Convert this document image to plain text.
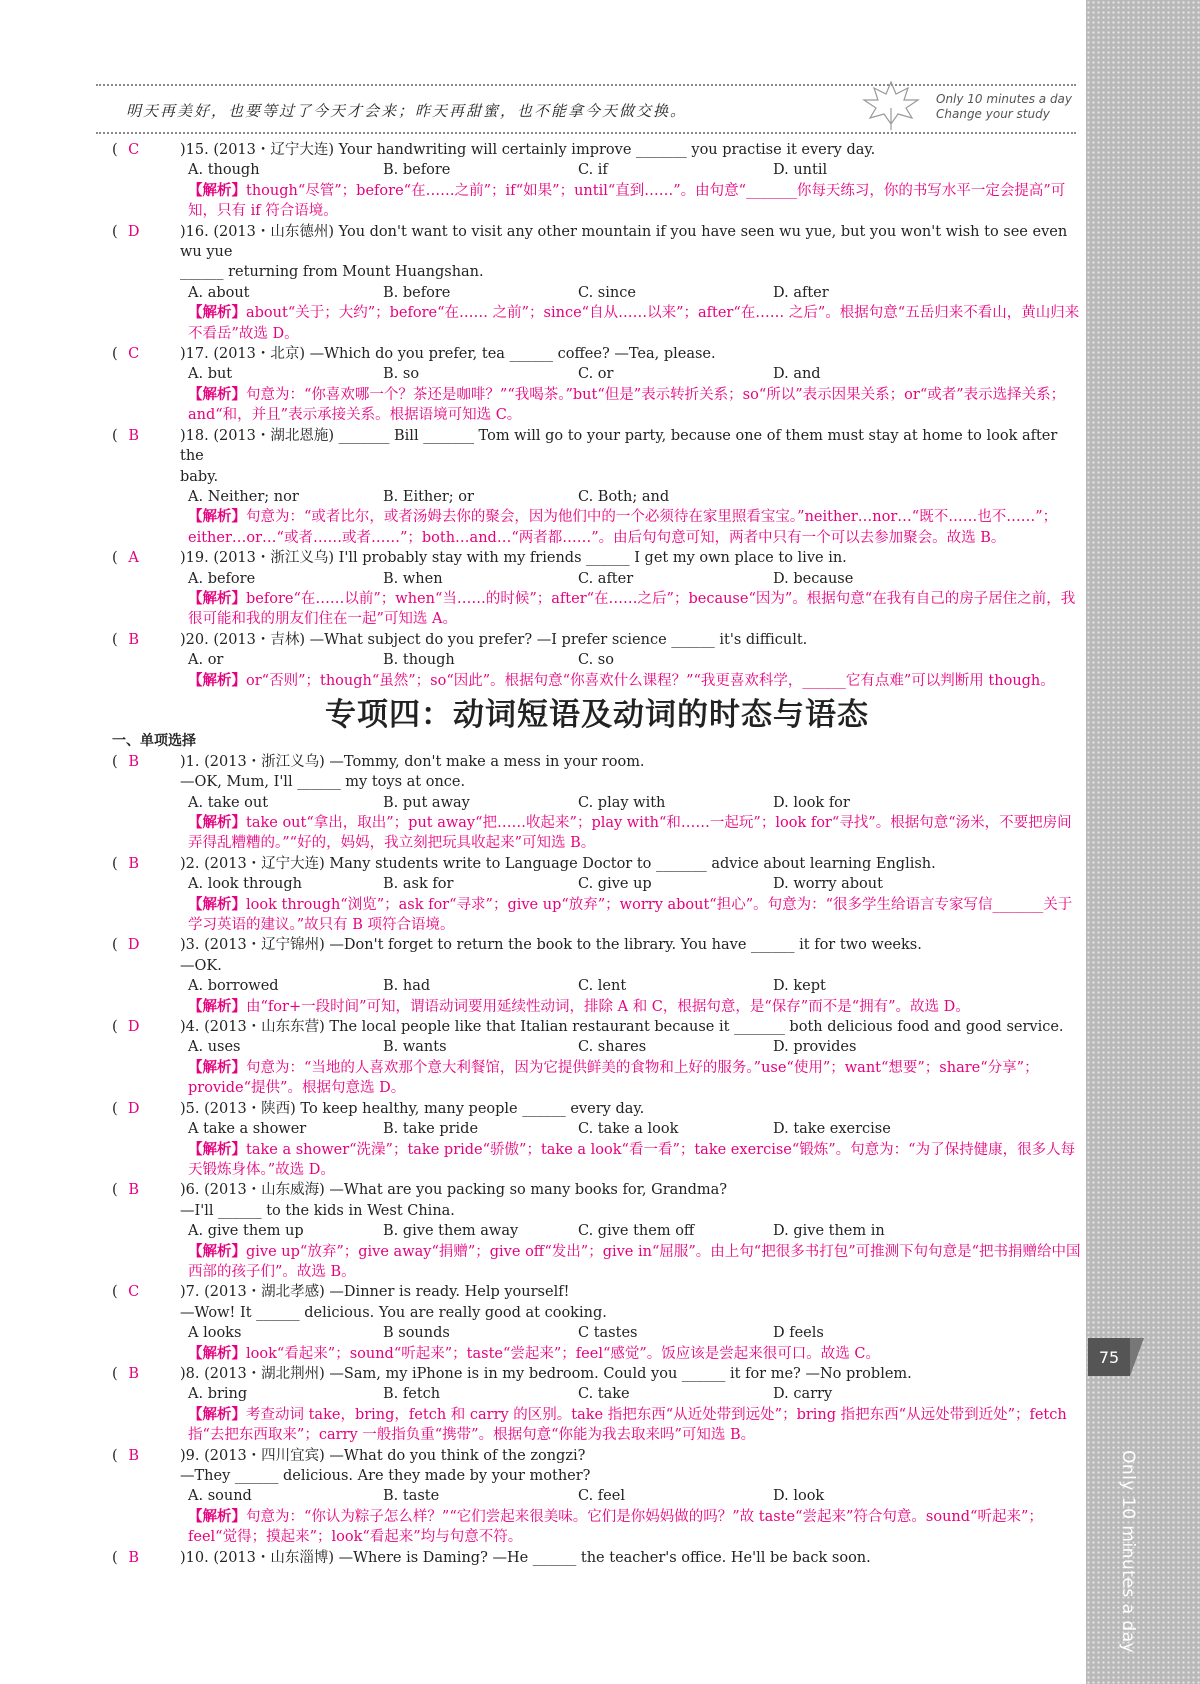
Only 10 minutes a day
75
明天再美好，也要等过了今天才会来；昨天再甜蜜，也不能拿今天做交换。
Only 10 minutes a day
Change your study
( C	)15. (2013・辽宁大连) Your handwriting will certainly improve _______ you practise it every day.
A. though	B. before	C. if	D. until
【解析】though“尽管”；before“在……之前”；if“如果”；until“直到……”。由句意“_______你每天练习，你的书写水平一定会提高”可知，只有 if 符合语境。
( D	)16. (2013・山东德州) You don't want to visit any other mountain if you have seen wu yue, but you won't wish to see even wu yue
______ returning from Mount Huangshan.
A. about	B. before	C. since	D. after
【解析】about“关于；大约”；before“在…… 之前”；since“自从……以来”；after“在…… 之后”。根据句意“五岳归来不看山，黄山归来不看岳”故选 D。
( C	)17. (2013・北京) —Which do you prefer, tea ______ coffee? —Tea, please.
A. but	B. so	C. or	D. and
【解析】句意为：“你喜欢哪一个？茶还是咖啡？”“我喝茶。”but“但是”表示转折关系；so“所以”表示因果关系；or“或者”表示选择关系；and“和，并且”表示承接关系。根据语境可知选 C。
( B	)18. (2013・湖北恩施) _______ Bill _______ Tom will go to your party, because one of them must stay at home to look after the
baby.
A. Neither; nor	B. Either; or	C. Both; and
【解析】句意为：“或者比尔，或者汤姆去你的聚会，因为他们中的一个必须待在家里照看宝宝。”neither…nor…“既不……也不……”；either…or…“或者……或者……”；both…and…“两者都……”。由后句句意可知，两者中只有一个可以去参加聚会。故选 B。
( A	)19. (2013・浙江义乌) I'll probably stay with my friends ______ I get my own place to live in.
A. before	B. when	C. after	D. because
【解析】before“在……以前”；when“当……的时候”；after“在……之后”；because“因为”。根据句意“在我有自己的房子居住之前，我很可能和我的朋友们住在一起”可知选 A。
( B	)20. (2013・吉林) —What subject do you prefer? —I prefer science ______ it's difficult.
A. or	B. though	C. so
【解析】or“否则”；though“虽然”；so“因此”。根据句意“你喜欢什么课程？”“我更喜欢科学，______它有点难”可以判断用 though。
专项四：动词短语及动词的时态与语态
一、单项选择
( B	)1. (2013・浙江义乌) —Tommy, don't make a mess in your room.
—OK, Mum, I'll ______ my toys at once.
A. take out	B. put away	C. play with	D. look for
【解析】take out“拿出，取出”；put away“把……收起来”；play with“和……一起玩”；look for“寻找”。根据句意“汤米，不要把房间弄得乱糟糟的。”“好的，妈妈，我立刻把玩具收起来”可知选 B。
( B	)2. (2013・辽宁大连) Many students write to Language Doctor to _______ advice about learning English.
A. look through	B. ask for	C. give up	D. worry about
【解析】look through“浏览”；ask for“寻求”；give up“放弃”；worry about“担心”。句意为：“很多学生给语言专家写信_______关于学习英语的建议。”故只有 B 项符合语境。
( D	)3. (2013・辽宁锦州) —Don't forget to return the book to the library. You have ______ it for two weeks.
—OK.
A. borrowed	B. had	C. lent	D. kept
【解析】由“for+一段时间”可知，谓语动词要用延续性动词，排除 A 和 C，根据句意，是“保存”而不是“拥有”。故选 D。
( D	)4. (2013・山东东营) The local people like that Italian restaurant because it _______ both delicious food and good service.
A. uses	B. wants	C. shares	D. provides
【解析】句意为：“当地的人喜欢那个意大利餐馆，因为它提供鲜美的食物和上好的服务。”use“使用”；want“想要”；share“分享”；provide“提供”。根据句意选 D。
( D	)5. (2013・陕西) To keep healthy, many people ______ every day.
A take a shower	B. take pride	C. take a look	D. take exercise
【解析】take a shower“洗澡”；take pride“骄傲”；take a look“看一看”；take exercise“锻炼”。句意为：“为了保持健康，很多人每天锻炼身体。”故选 D。
( B	)6. (2013・山东威海) —What are you packing so many books for, Grandma?
—I'll ______ to the kids in West China.
A. give them up	B. give them away	C. give them off	D. give them in
【解析】give up“放弃”；give away“捐赠”；give off“发出”；give in“屈服”。由上句“把很多书打包”可推测下句句意是“把书捐赠给中国西部的孩子们”。故选 B。
( C	)7. (2013・湖北孝感) —Dinner is ready. Help yourself!
—Wow! It ______ delicious. You are really good at cooking.
A looks	B sounds	C tastes	D feels
【解析】look“看起来”；sound“听起来”；taste“尝起来”；feel“感觉”。饭应该是尝起来很可口。故选 C。
( B	)8. (2013・湖北荆州) —Sam, my iPhone is in my bedroom. Could you ______ it for me? —No problem.
A. bring	B. fetch	C. take	D. carry
【解析】考查动词 take，bring，fetch 和 carry 的区别。take 指把东西“从近处带到远处”；bring 指把东西“从远处带到近处”；fetch 指“去把东西取来”；carry 一般指负重“携带”。根据句意“你能为我去取来吗”可知选 B。
( B	)9. (2013・四川宜宾) —What do you think of the zongzi?
—They ______ delicious. Are they made by your mother?
A. sound	B. taste	C. feel	D. look
【解析】句意为：“你认为粽子怎么样？”“它们尝起来很美味。它们是你妈妈做的吗？”故 taste“尝起来”符合句意。sound“听起来”；feel“觉得；摸起来”；look“看起来”均与句意不符。
( B	)10. (2013・山东淄博) —Where is Daming? —He ______ the teacher's office. He'll be back soon.
